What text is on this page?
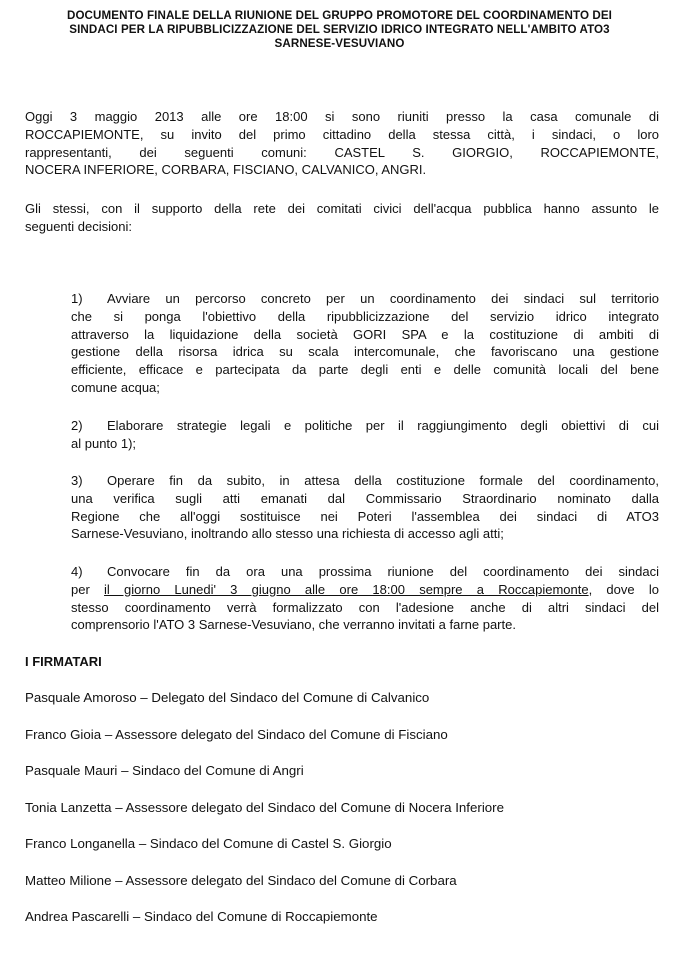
DOCUMENTO FINALE DELLA RIUNIONE DEL GRUPPO PROMOTORE DEL COORDINAMENTO DEI
SINDACI PER LA RIPUBBLICIZZAZIONE DEL SERVIZIO IDRICO INTEGRATO NELL'AMBITO ATO3
SARNESE-VESUVIANO
Oggi 3 maggio 2013 alle ore 18:00 si sono riuniti presso la casa comunale di
ROCCAPIEMONTE, su invito del primo cittadino della stessa città, i sindaci, o loro
rappresentanti, dei seguenti comuni: CASTEL S. GIORGIO, ROCCAPIEMONTE,
NOCERA INFERIORE, CORBARA, FISCIANO, CALVANICO, ANGRI.
Gli stessi, con il supporto della rete dei comitati civici dell'acqua pubblica hanno assunto le
seguenti decisioni:
1) Avviare un percorso concreto per un coordinamento dei sindaci sul territorio
che si ponga l'obiettivo della ripubblicizzazione del servizio idrico integrato
attraverso la liquidazione della società GORI SPA e la costituzione di ambiti di
gestione della risorsa idrica su scala intercomunale, che favoriscano una gestione
efficiente, efficace e partecipata da parte degli enti e delle comunità locali del bene
comune acqua;
2) Elaborare strategie legali e politiche per il raggiungimento degli obiettivi di cui
al punto 1);
3) Operare fin da subito, in attesa della costituzione formale del coordinamento,
una verifica sugli atti emanati dal Commissario Straordinario nominato dalla
Regione che all'oggi sostituisce nei Poteri l'assemblea dei sindaci di ATO3
Sarnese-Vesuviano, inoltrando allo stesso una richiesta di accesso agli atti;
4) Convocare fin da ora una prossima riunione del coordinamento dei sindaci
per il giorno Lunedi' 3 giugno alle ore 18:00 sempre a Roccapiemonte, dove lo
stesso coordinamento verrà formalizzato con l'adesione anche di altri sindaci del
comprensorio l'ATO 3 Sarnese-Vesuviano, che verranno invitati a farne parte.
I FIRMATARI
Pasquale Amoroso – Delegato del Sindaco del Comune di Calvanico
Franco Gioia – Assessore delegato del Sindaco del Comune di Fisciano
Pasquale Mauri – Sindaco del Comune di Angri
Tonia Lanzetta – Assessore delegato del Sindaco del Comune di Nocera Inferiore
Franco Longanella – Sindaco del Comune di Castel S. Giorgio
Matteo Milione – Assessore delegato del Sindaco del Comune di Corbara
Andrea Pascarelli – Sindaco del Comune di Roccapiemonte
